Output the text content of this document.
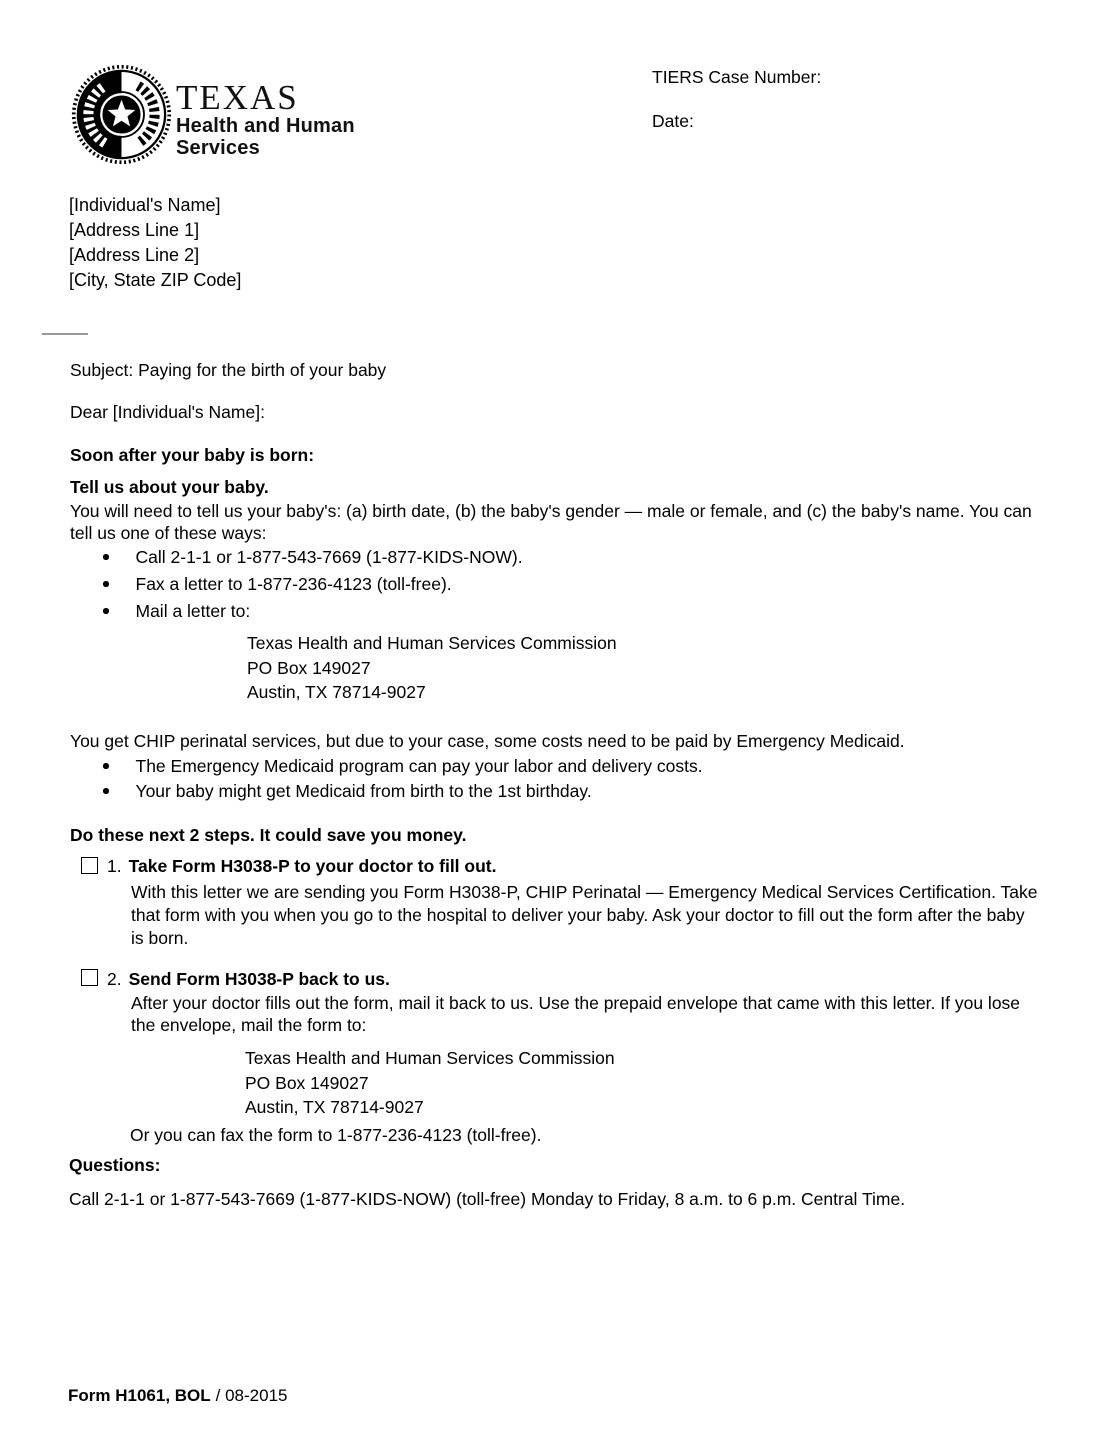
TEXAS
Health and Human
Services
TIERS Case Number:
Date:
[Individual's Name]
[Address Line 1]
[Address Line 2]
[City, State ZIP Code]
Subject: Paying for the birth of your baby
Dear [Individual's Name]:
Soon after your baby is born:
Tell us about your baby.
You will need to tell us your baby's: (a) birth date, (b) the baby's gender — male or female, and (c) the baby's name. You can tell us one of these ways:
Call 2-1-1 or 1-877-543-7669 (1-877-KIDS-NOW).
Fax a letter to 1-877-236-4123 (toll-free).
Mail a letter to:
Texas Health and Human Services Commission
PO Box 149027
Austin, TX 78714-9027
You get CHIP perinatal services, but due to your case, some costs need to be paid by Emergency Medicaid.
The Emergency Medicaid program can pay your labor and delivery costs.
Your baby might get Medicaid from birth to the 1st birthday.
Do these next 2 steps. It could save you money.
1. Take Form H3038-P to your doctor to fill out.
With this letter we are sending you Form H3038-P, CHIP Perinatal — Emergency Medical Services Certification. Take that form with you when you go to the hospital to deliver your baby. Ask your doctor to fill out the form after the baby is born.
2. Send Form H3038-P back to us.
After your doctor fills out the form, mail it back to us. Use the prepaid envelope that came with this letter. If you lose the envelope, mail the form to:
Texas Health and Human Services Commission
PO Box 149027
Austin, TX 78714-9027
Or you can fax the form to 1-877-236-4123 (toll-free).
Questions:
Call 2-1-1 or 1-877-543-7669 (1-877-KIDS-NOW) (toll-free) Monday to Friday, 8 a.m. to 6 p.m. Central Time.
Form H1061, BOL / 08-2015
